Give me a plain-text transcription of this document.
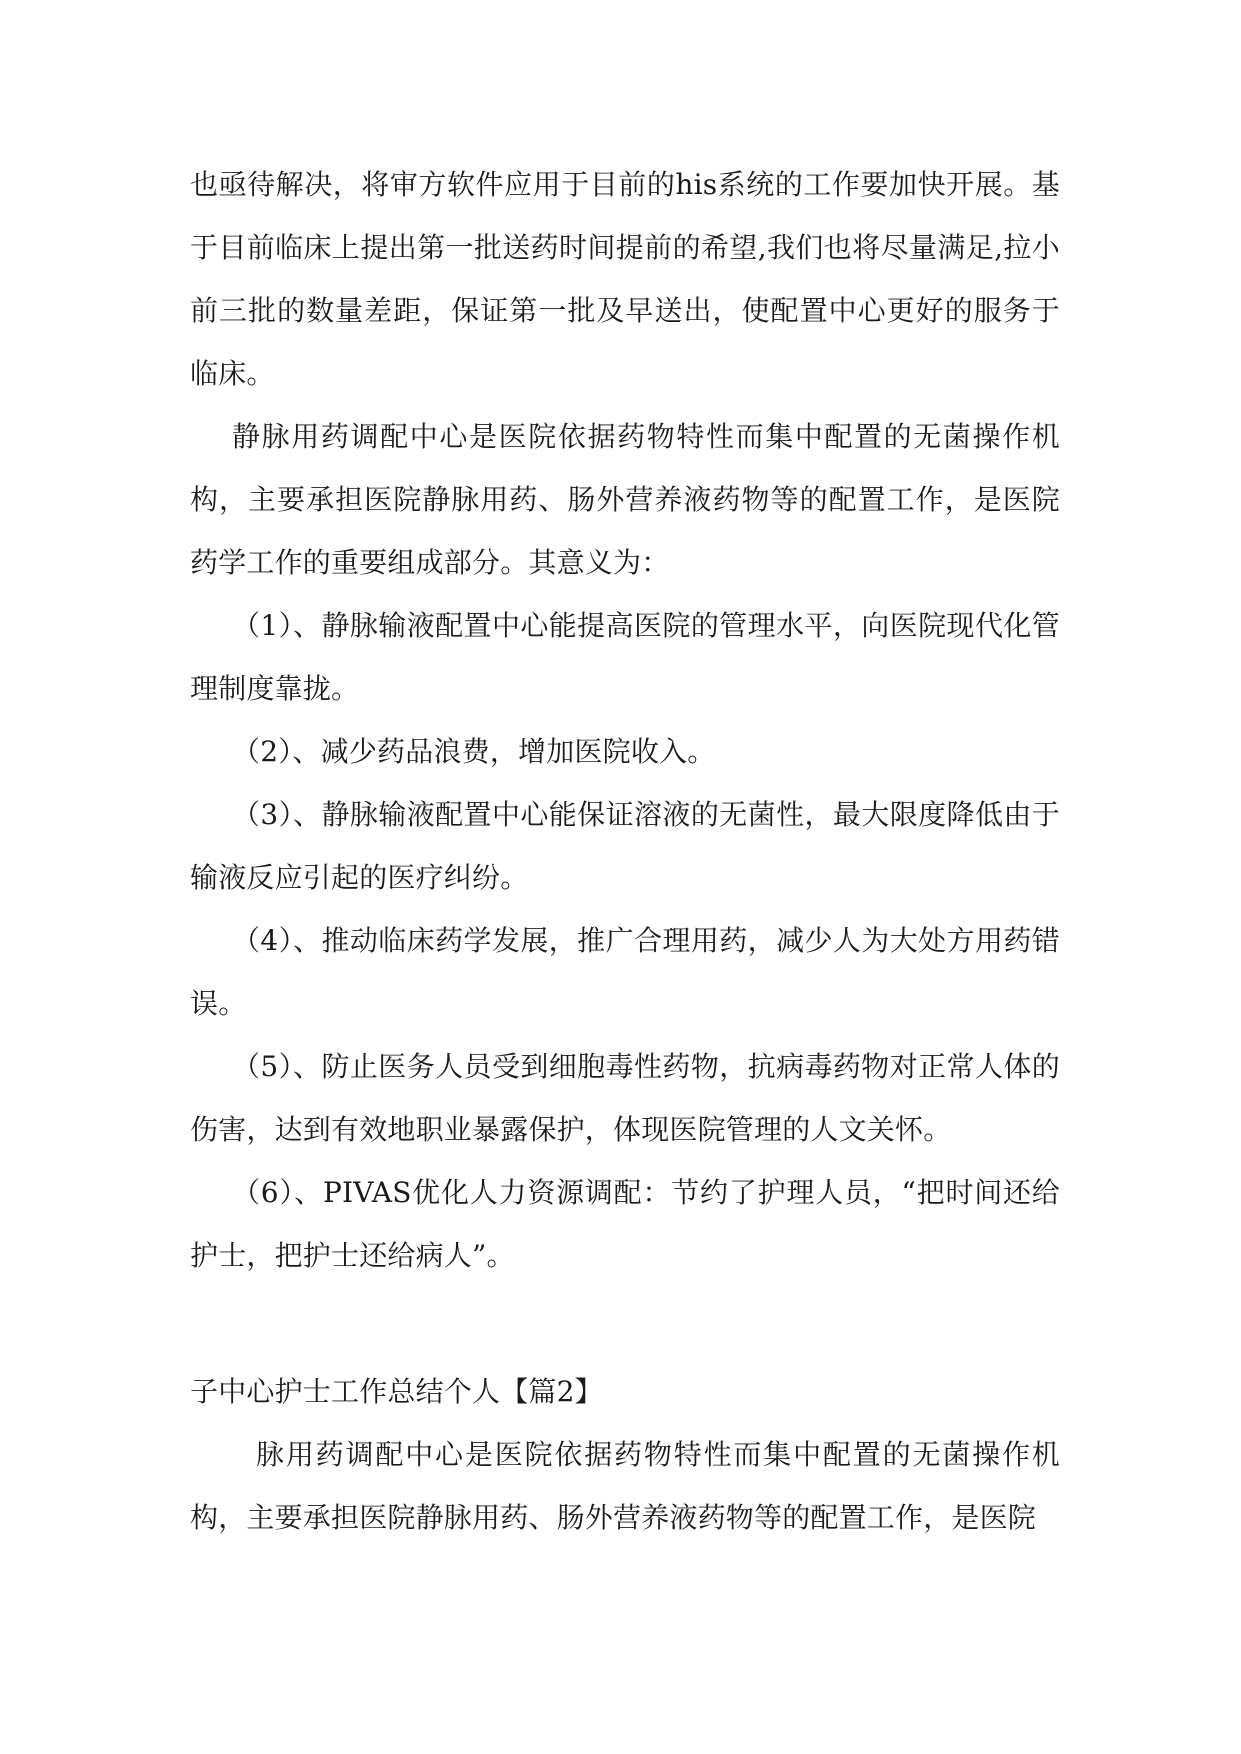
也亟待解决，将审方软件应用于目前的his系统的工作要加快开展。基于目前临床上提出第一批送药时间提前的希望,我们也将尽量满足,拉小前三批的数量差距，保证第一批及早送出，使配置中心更好的服务于临床。

静脉用药调配中心是医院依据药物特性而集中配置的无菌操作机构，主要承担医院静脉用药、肠外营养液药物等的配置工作，是医院药学工作的重要组成部分。其意义为：

（1）、静脉输液配置中心能提高医院的管理水平，向医院现代化管理制度靠拢。

（2）、减少药品浪费，增加医院收入。

（3）、静脉输液配置中心能保证溶液的无菌性，最大限度降低由于输液反应引起的医疗纠纷。

（4）、推动临床药学发展，推广合理用药，减少人为大处方用药错误。

（5）、防止医务人员受到细胞毒性药物，抗病毒药物对正常人体的伤害，达到有效地职业暴露保护，体现医院管理的人文关怀。

（6）、PIVAS优化人力资源调配：节约了护理人员，“把时间还给护士，把护士还给病人”。

子中心护士工作总结个人【篇2】

脉用药调配中心是医院依据药物特性而集中配置的无菌操作机构，主要承担医院静脉用药、肠外营养液药物等的配置工作，是医院
